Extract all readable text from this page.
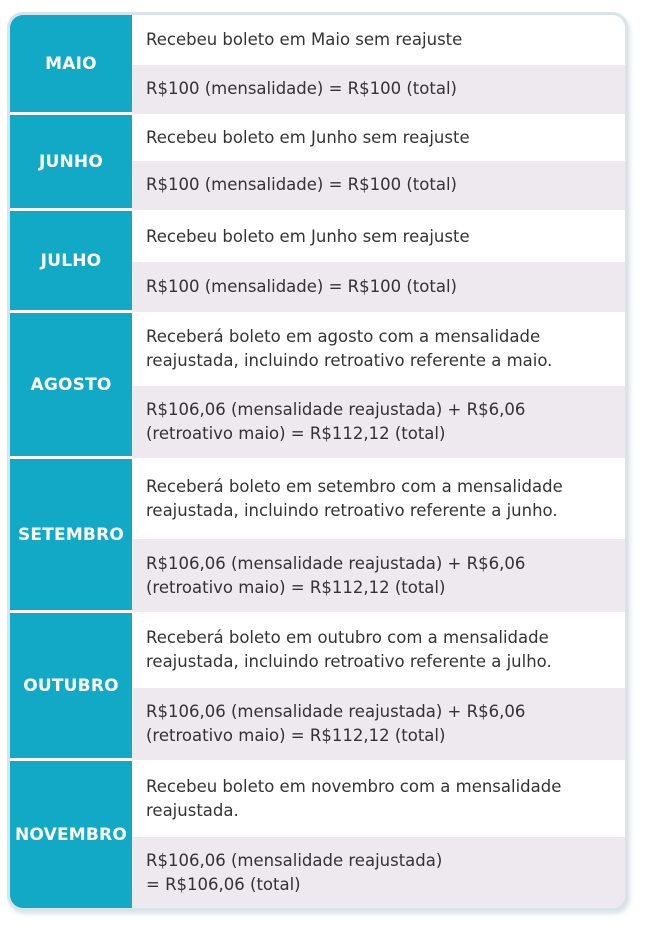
MAIO
Recebeu boleto em Maio sem reajuste
R$100 (mensalidade) = R$100 (total)
JUNHO
Recebeu boleto em Junho sem reajuste
R$100 (mensalidade) = R$100 (total)
JULHO
Recebeu boleto em Junho sem reajuste
R$100 (mensalidade) = R$100 (total)
AGOSTO
Receberá boleto em agosto com a mensalidade
reajustada, incluindo retroativo referente a maio.
R$106,06 (mensalidade reajustada) + R$6,06
(retroativo maio) = R$112,12 (total)
SETEMBRO
Receberá boleto em setembro com a mensalidade
reajustada, incluindo retroativo referente a junho.
R$106,06 (mensalidade reajustada) + R$6,06
(retroativo maio) = R$112,12 (total)
OUTUBRO
Receberá boleto em outubro com a mensalidade
reajustada, incluindo retroativo referente a julho.
R$106,06 (mensalidade reajustada) + R$6,06
(retroativo maio) = R$112,12 (total)
NOVEMBRO
Recebeu boleto em novembro com a mensalidade
reajustada.
R$106,06 (mensalidade reajustada)
= R$106,06 (total)
